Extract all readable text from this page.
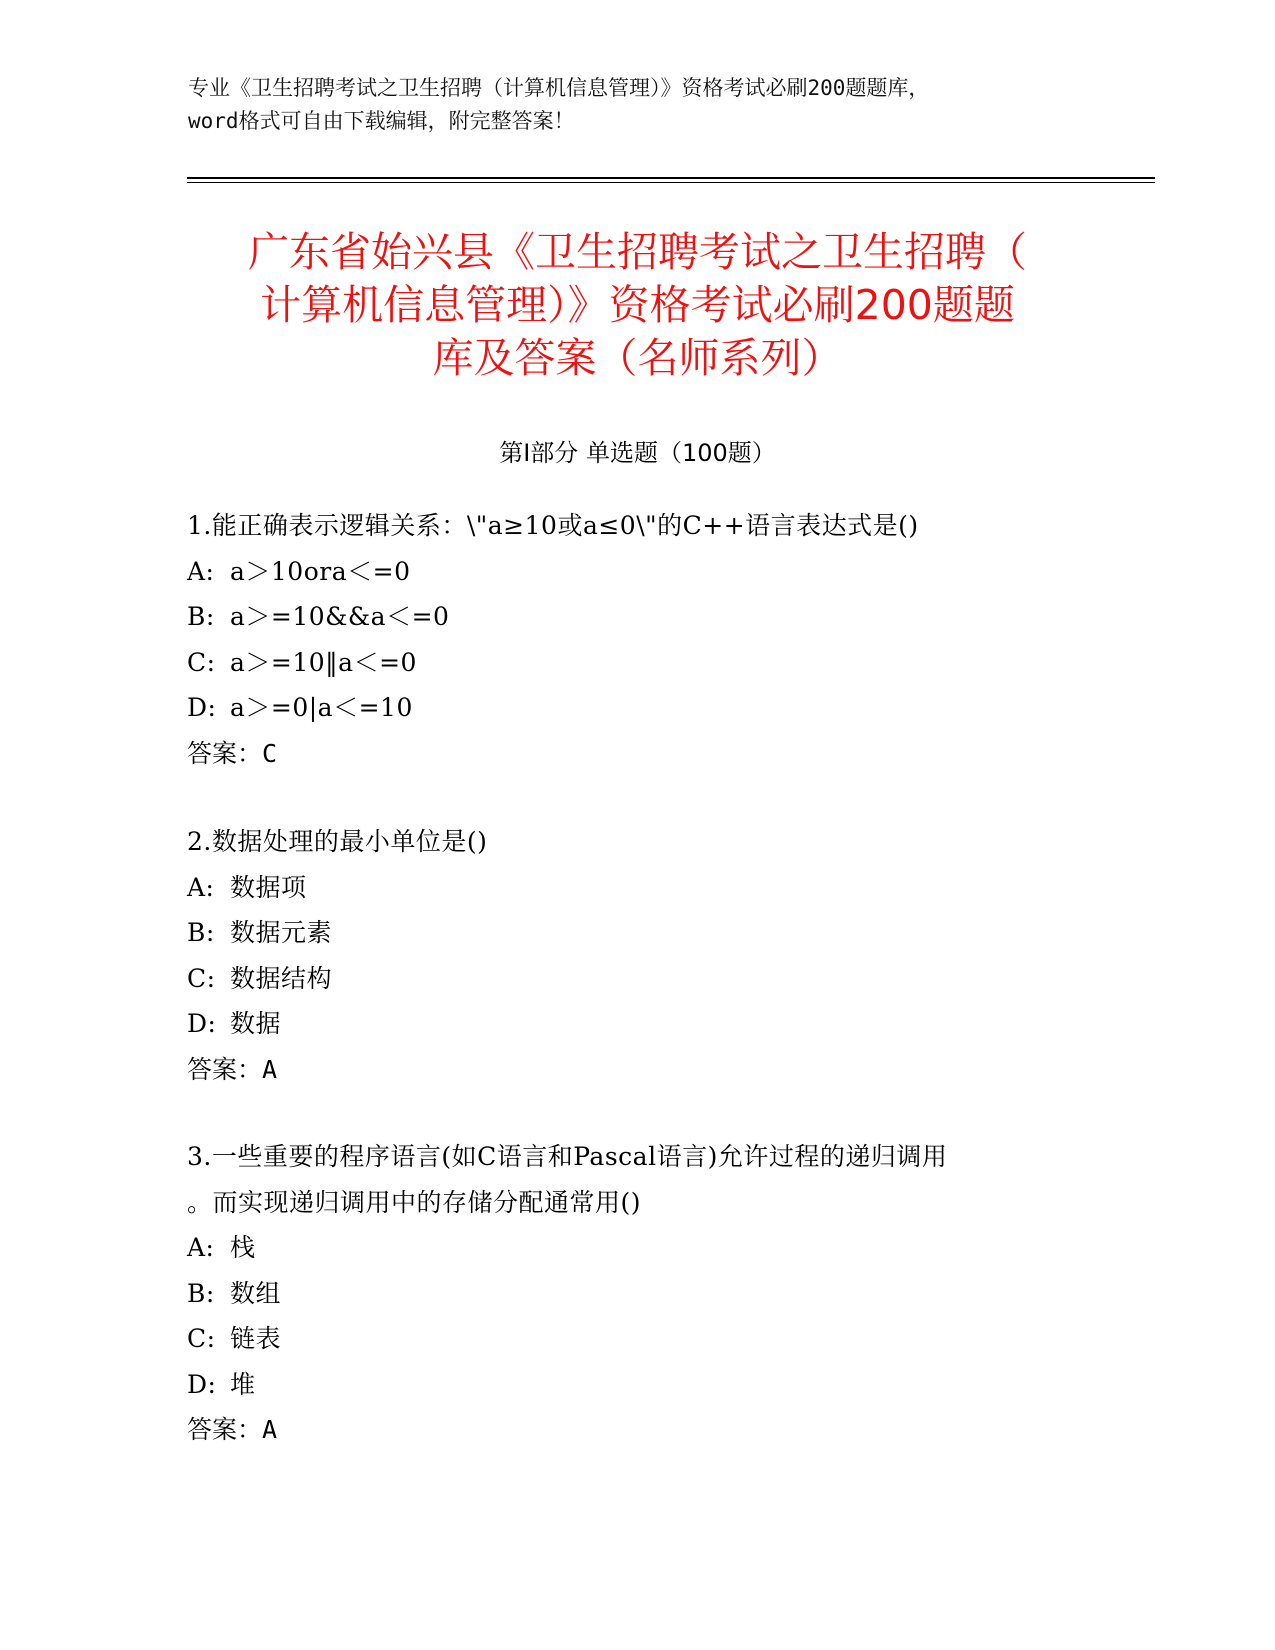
专业《卫生招聘考试之卫生招聘（计算机信息管理）》资格考试必刷200题题库，

word格式可自由下载编辑，附完整答案！

广东省始兴县《卫生招聘考试之卫生招聘（
计算机信息管理）》资格考试必刷200题题
库及答案（名师系列）
第Ⅰ部分 单选题（100题）

1.能正确表示逻辑关系：\"a≥10或a≤0\"的C++语言表达式是()

A: a＞10ora＜=0

B: a＞=10&&a＜=0

C: a＞=10‖a＜=0

D: a＞=0|a＜=10

答案：C

2.数据处理的最小单位是()

A: 数据项

B: 数据元素

C: 数据结构

D: 数据

答案：A

3.一些重要的程序语言(如C语言和Pascal语言)允许过程的递归调用

。而实现递归调用中的存储分配通常用()

A: 栈

B: 数组

C: 链表

D: 堆

答案：A
